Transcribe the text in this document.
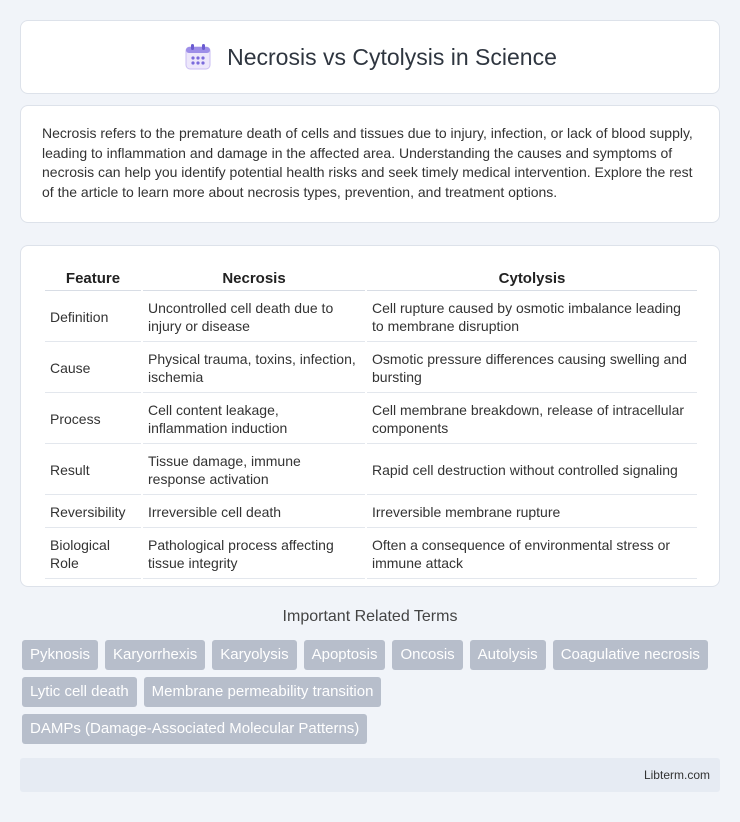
Necrosis vs Cytolysis in Science

Necrosis refers to the premature death of cells and tissues due to injury, infection, or lack of blood supply, leading to inflammation and damage in the affected area. Understanding the causes and symptoms of necrosis can help you identify potential health risks and seek timely medical intervention. Explore the rest of the article to learn more about necrosis types, prevention, and treatment options.

Feature	Necrosis	Cytolysis
Definition	Uncontrolled cell death due to injury or disease	Cell rupture caused by osmotic imbalance leading to membrane disruption
Cause	Physical trauma, toxins, infection, ischemia	Osmotic pressure differences causing swelling and bursting
Process	Cell content leakage, inflammation induction	Cell membrane breakdown, release of intracellular components
Result	Tissue damage, immune response activation	Rapid cell destruction without controlled signaling
Reversibility	Irreversible cell death	Irreversible membrane rupture
Biological Role	Pathological process affecting tissue integrity	Often a consequence of environmental stress or immune attack
Important Related Terms
Pyknosis	Karyorrhexis	Karyolysis	Apoptosis	Oncosis	Autolysis	Coagulative necrosis
Lytic cell death	Membrane permeability transition
DAMPs (Damage-Associated Molecular Patterns)
Libterm.com
